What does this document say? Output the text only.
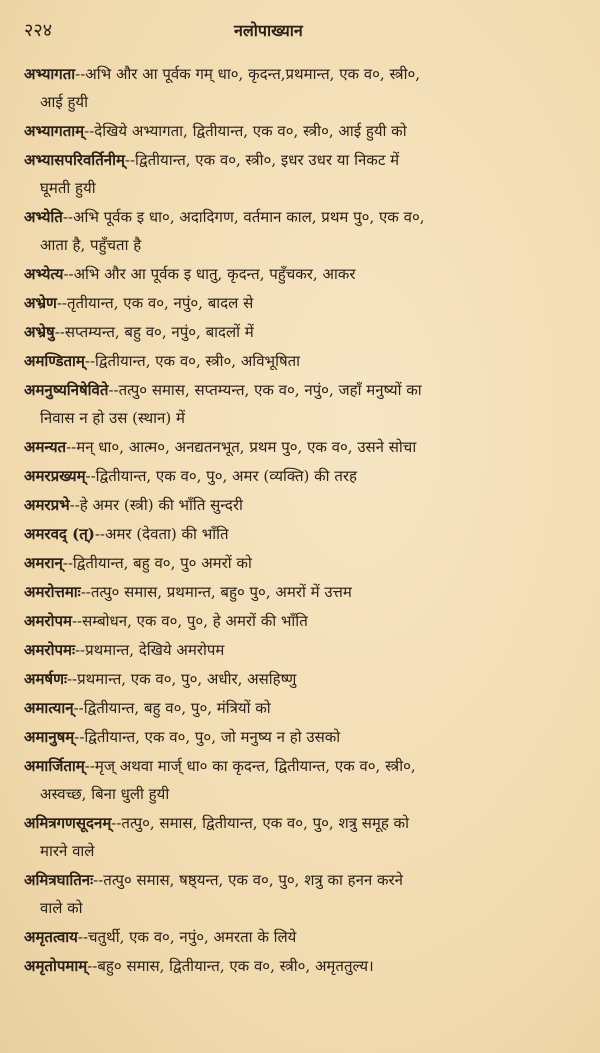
२२४	नलोपाख्यान
अभ्यागता--अभि और आ पूर्वक गम् धा०, कृदन्त,प्रथमान्त, एक व०, स्त्री०,
आई हुयी
अभ्यागताम्--देखिये अभ्यागता, द्वितीयान्त, एक व०, स्त्री०, आई हुयी को
अभ्यासपरिवर्तिनीम्--द्वितीयान्त, एक व०, स्त्री०, इधर उधर या निकट में
घूमती हुयी
अभ्येति--अभि पूर्वक इ धा०, अदादिगण, वर्तमान काल, प्रथम पु०, एक व०,
आता है, पहुँचता है
अभ्येत्य--अभि और आ पूर्वक इ धातु, कृदन्त, पहुँचकर, आकर
अभ्रेण--तृतीयान्त, एक व०, नपुं०, बादल से
अभ्रेषु--सप्तम्यन्त, बहु व०, नपुं०, बादलों में
अमण्डिताम्--द्वितीयान्त, एक व०, स्त्री०, अविभूषिता
अमनुष्यनिषेविते--तत्पु० समास, सप्तम्यन्त, एक व०, नपुं०, जहाँ मनुष्यों का
निवास न हो उस (स्थान) में
अमन्यत--मन् धा०, आत्म०, अनद्यतनभूत, प्रथम पु०, एक व०, उसने सोचा
अमरप्रख्यम्--द्वितीयान्त, एक व०, पु०, अमर (व्यक्ति) की तरह
अमरप्रभे--हे अमर (स्त्री) की भाँति सुन्दरी
अमरवद् (त्)--अमर (देवता) की भाँति
अमरान्--द्वितीयान्त, बहु व०, पु० अमरों को
अमरोत्तमाः--तत्पु० समास, प्रथमान्त, बहु० पु०, अमरों में उत्तम
अमरोपम--सम्बोधन, एक व०, पु०, हे अमरों की भाँति
अमरोपमः--प्रथमान्त, देखिये अमरोपम
अमर्षणः--प्रथमान्त, एक व०, पु०, अधीर, असहिष्णु
अमात्यान्--द्वितीयान्त, बहु व०, पु०, मंत्रियों को
अमानुषम्--द्वितीयान्त, एक व०, पु०, जो मनुष्य न हो उसको
अमार्जिताम्--मृज् अथवा मार्ज् धा० का कृदन्त, द्वितीयान्त, एक व०, स्त्री०,
अस्वच्छ, बिना धुली हुयी
अमित्रगणसूदनम्--तत्पु०, समास, द्वितीयान्त, एक व०, पु०, शत्रु समूह को
मारने वाले
अमित्रघातिनः--तत्पु० समास, षष्ठ्यन्त, एक व०, पु०, शत्रु का हनन करने
वाले को
अमृतत्वाय--चतुर्थी, एक व०, नपुं०, अमरता के लिये
अमृतोपमाम्--बहु० समास, द्वितीयान्त, एक व०, स्त्री०, अमृततुल्य।
